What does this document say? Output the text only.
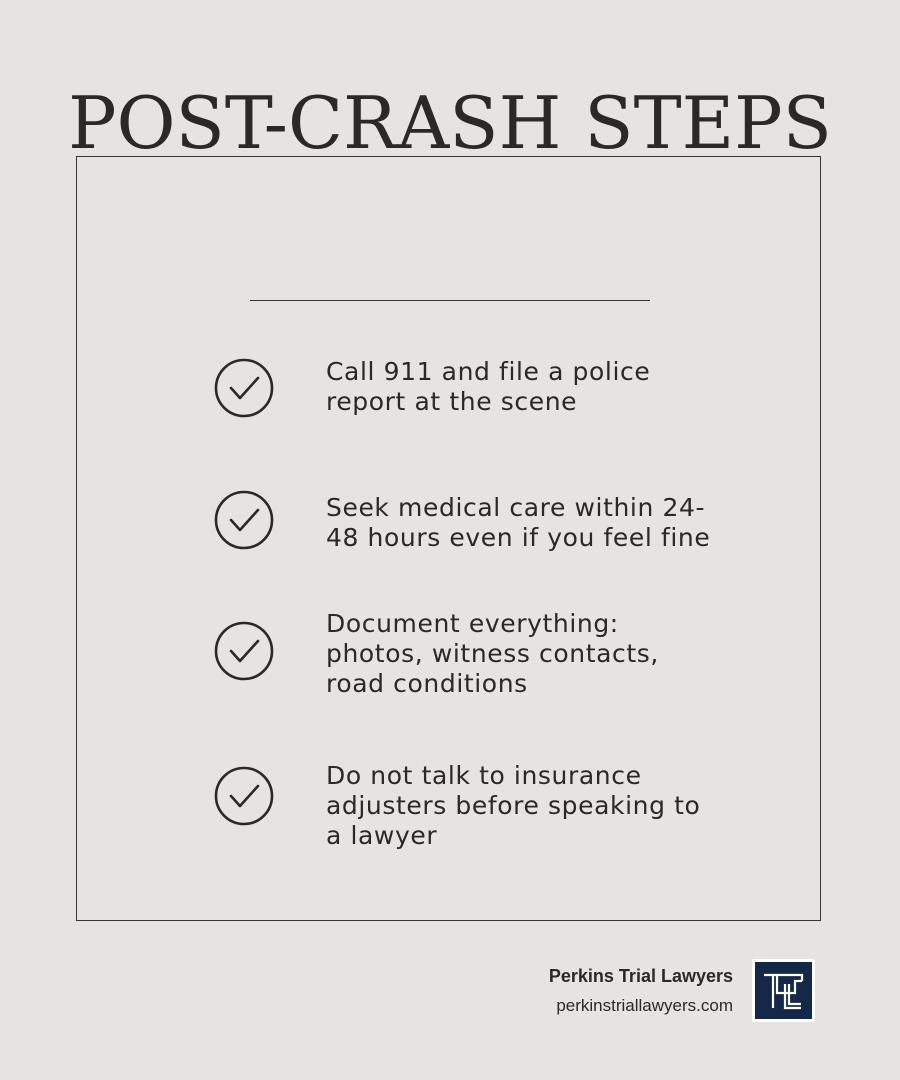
POST-CRASH STEPS
Call 911 and file a police
report at the scene
Seek medical care within 24-
48 hours even if you feel fine
Document everything:
photos, witness contacts,
road conditions
Do not talk to insurance
adjusters before speaking to
a lawyer
Perkins Trial Lawyers
perkinstriallawyers.com
